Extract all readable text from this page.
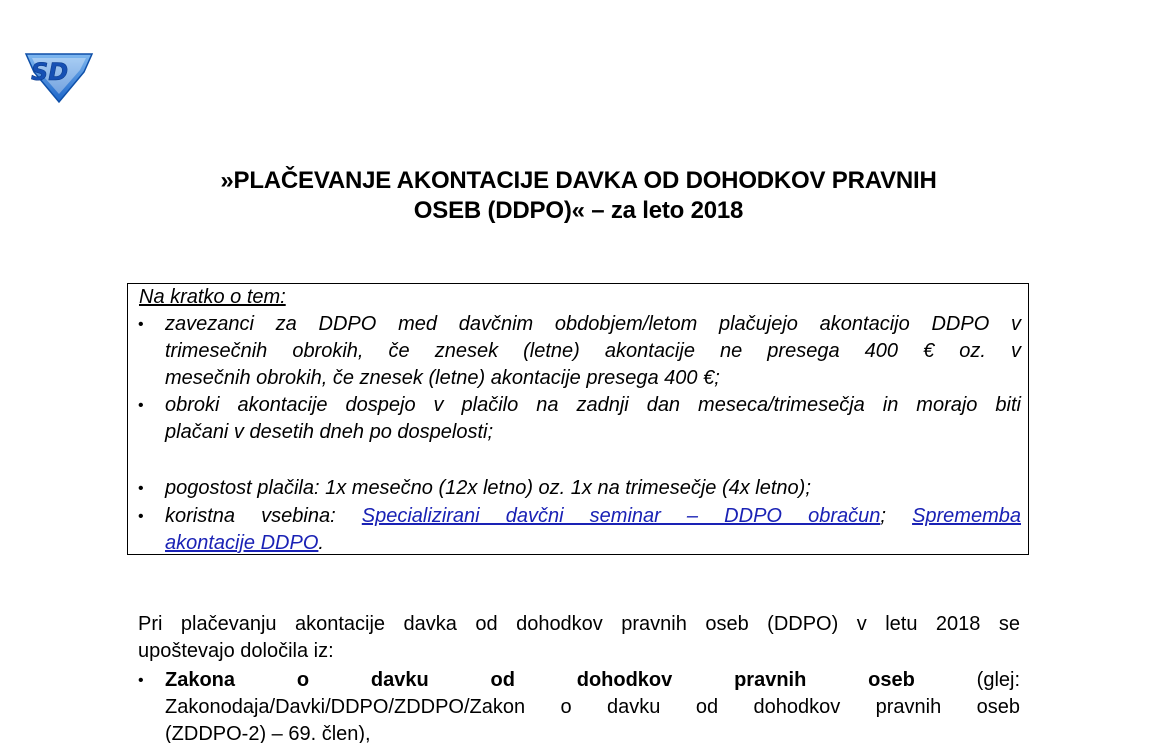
SD
»PLAČEVANJE AKONTACIJE DAVKA OD DOHODKOV PRAVNIH
OSEB (DDPO)« – za leto 2018
Na kratko o tem:
• zavezanci za DDPO med davčnim obdobjem/letom plačujejo akontacijo DDPO v
trimesečnih obrokih, če znesek (letne) akontacije ne presega 400 € oz. v
mesečnih obrokih, če znesek (letne) akontacije presega 400 €;
• obroki akontacije dospejo v plačilo na zadnji dan meseca/trimesečja in morajo biti
plačani v desetih dneh po dospelosti;
• pogostost plačila: 1x mesečno (12x letno) oz. 1x na trimesečje (4x letno);
• koristna vsebina: Specializirani davčni seminar – DDPO obračun; Sprememba
akontacije DDPO.
Pri plačevanju akontacije davka od dohodkov pravnih oseb (DDPO) v letu 2018 se
upoštevajo določila iz:
• Zakona o davku od dohodkov pravnih oseb	(glej:
Zakonodaja/Davki/DDPO/ZDDPO/Zakon o davku od dohodkov pravnih oseb
(ZDDPO-2) – 69. člen),
